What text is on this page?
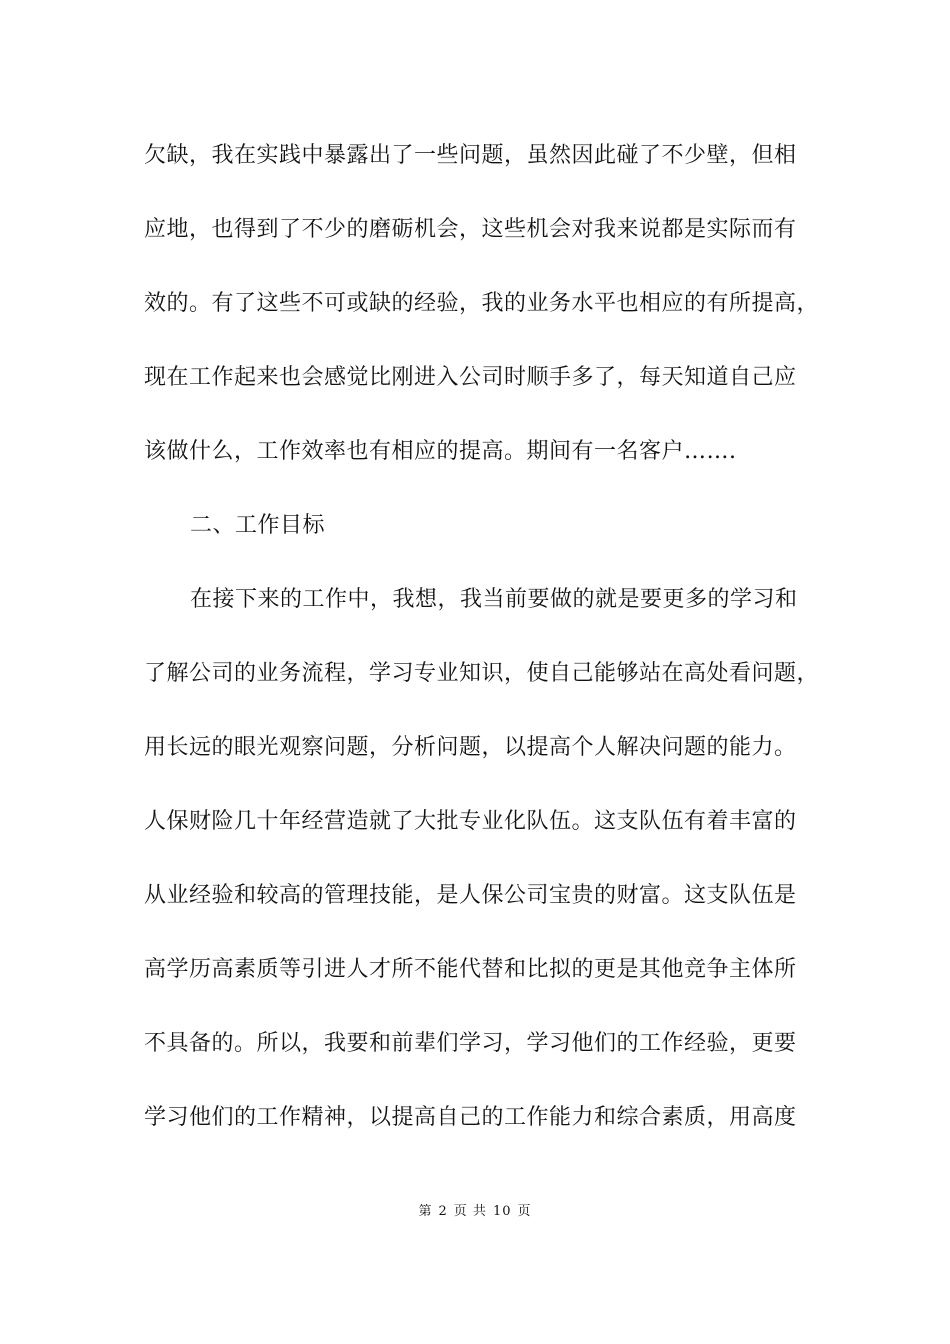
欠缺，我在实践中暴露出了一些问题，虽然因此碰了不少壁，但相
应地，也得到了不少的磨砺机会，这些机会对我来说都是实际而有
效的。有了这些不可或缺的经验，我的业务水平也相应的有所提高，
现在工作起来也会感觉比刚进入公司时顺手多了，每天知道自己应
该做什么，工作效率也有相应的提高。期间有一名客户…….
二、工作目标
在接下来的工作中，我想，我当前要做的就是要更多的学习和
了解公司的业务流程，学习专业知识，使自己能够站在高处看问题，
用长远的眼光观察问题，分析问题，以提高个人解决问题的能力。
人保财险几十年经营造就了大批专业化队伍。这支队伍有着丰富的
从业经验和较高的管理技能，是人保公司宝贵的财富。这支队伍是
高学历高素质等引进人才所不能代替和比拟的更是其他竞争主体所
不具备的。所以，我要和前辈们学习，学习他们的工作经验，更要
学习他们的工作精神，以提高自己的工作能力和综合素质，用高度
第 2 页 共 10 页
